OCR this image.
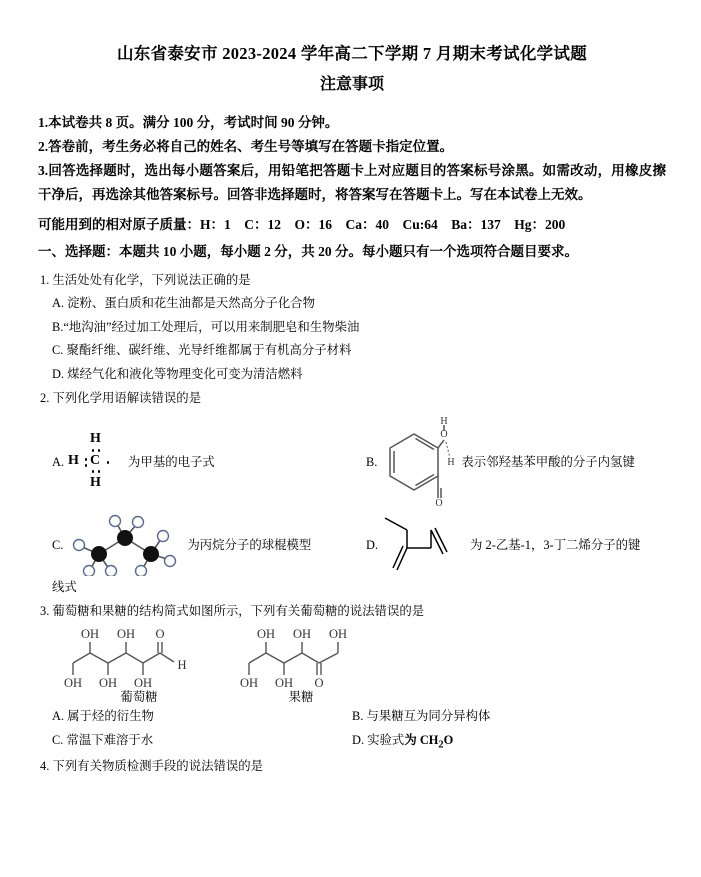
山东省泰安市 2023-2024 学年高二下学期 7 月期末考试化学试题
注意事项

1.本试卷共 8 页。满分 100 分，考试时间 90 分钟。

2.答卷前，考生务必将自己的姓名、考生号等填写在答题卡指定位置。

3.回答选择题时，选出每小题答案后，用铅笔把答题卡上对应题目的答案标号涂黑。如需改动，用橡皮擦干净后，再选涂其他答案标号。回答非选择题时，将答案写在答题卡上。写在本试卷上无效。

可能用到的相对原子质量：H：1　C：12　O：16　Ca：40　Cu:64　Ba：137　Hg：200
一、选择题：本题共 10 小题，每小题 2 分，共 20 分。每小题只有一个选项符合题目要求。

1. 生活处处有化学，下列说法正确的是

A. 淀粉、蛋白质和花生油都是天然高分子化合物

B.“地沟油”经过加工处理后，可以用来制肥皂和生物柴油

C. 聚酯纤维、碳纤维、光导纤维都属于有机高分子材料

D. 煤经气化和液化等物理变化可变为清洁燃料

2. 下列化学用语解读错误的是

A.
H
H C
H
为甲基的电子式	B.
O
H
O
H 表示邻羟基苯甲酸的分子内氢键
C.	为丙烷分子的球棍模型	D.	为 2-乙基-1，3-丁二烯分子的键

线式

3. 葡萄糖和果糖的结构简式如图所示，下列有关葡萄糖的说法错误的是

OH OH O
H
OH OH OH
葡萄糖
OH OH OH
OH OH O
果糖

A. 属于烃的衍生物	B. 与果糖互为同分异构体

C. 常温下难溶于水	D. 实验式为 $CH_2O$

4. 下列有关物质检测手段的说法错误的是
